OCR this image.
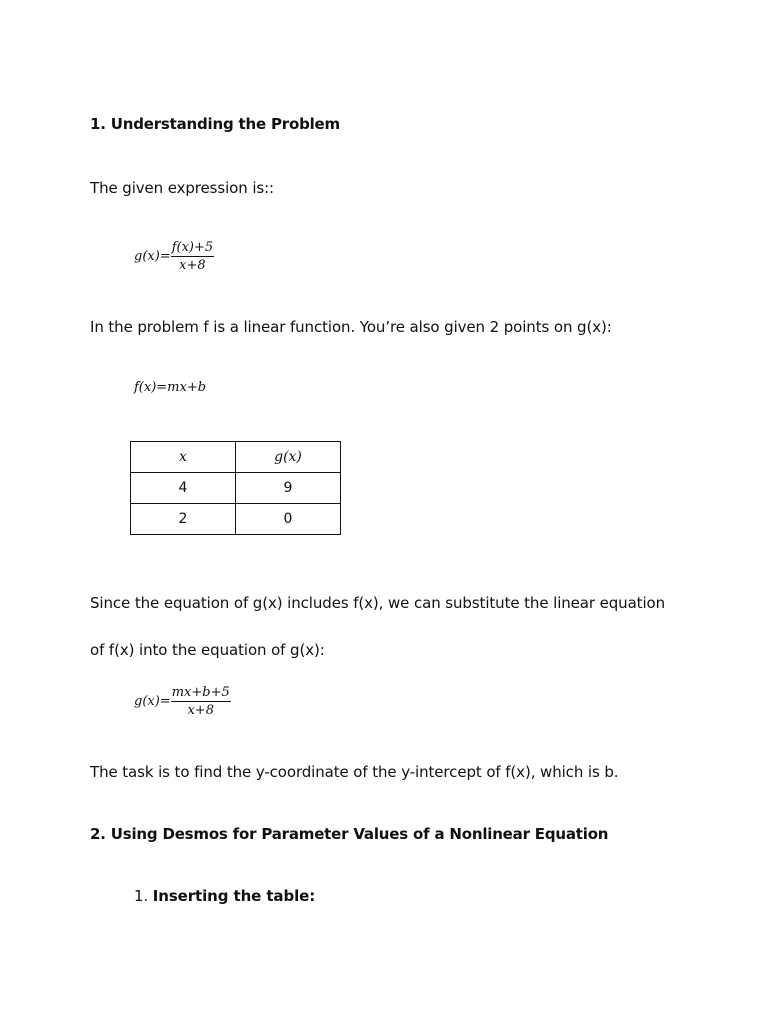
1. Understanding the Problem
The given expression is::
$g(x)= \frac{f(x)+5}{x+8}$
In the problem f is a linear function. You’re also given 2 points on g(x):
f(x)=mx+b
x	g(x)
4	9
2	0
Since the equation of g(x) includes f(x), we can substitute the linear equation
of f(x) into the equation of g(x):
$g(x)= \frac{mx+b+5}{x+8}$
The task is to find the y-coordinate of the y-intercept of f(x), which is b.
2. Using Desmos for Parameter Values of a Nonlinear Equation
1. Inserting the table:
